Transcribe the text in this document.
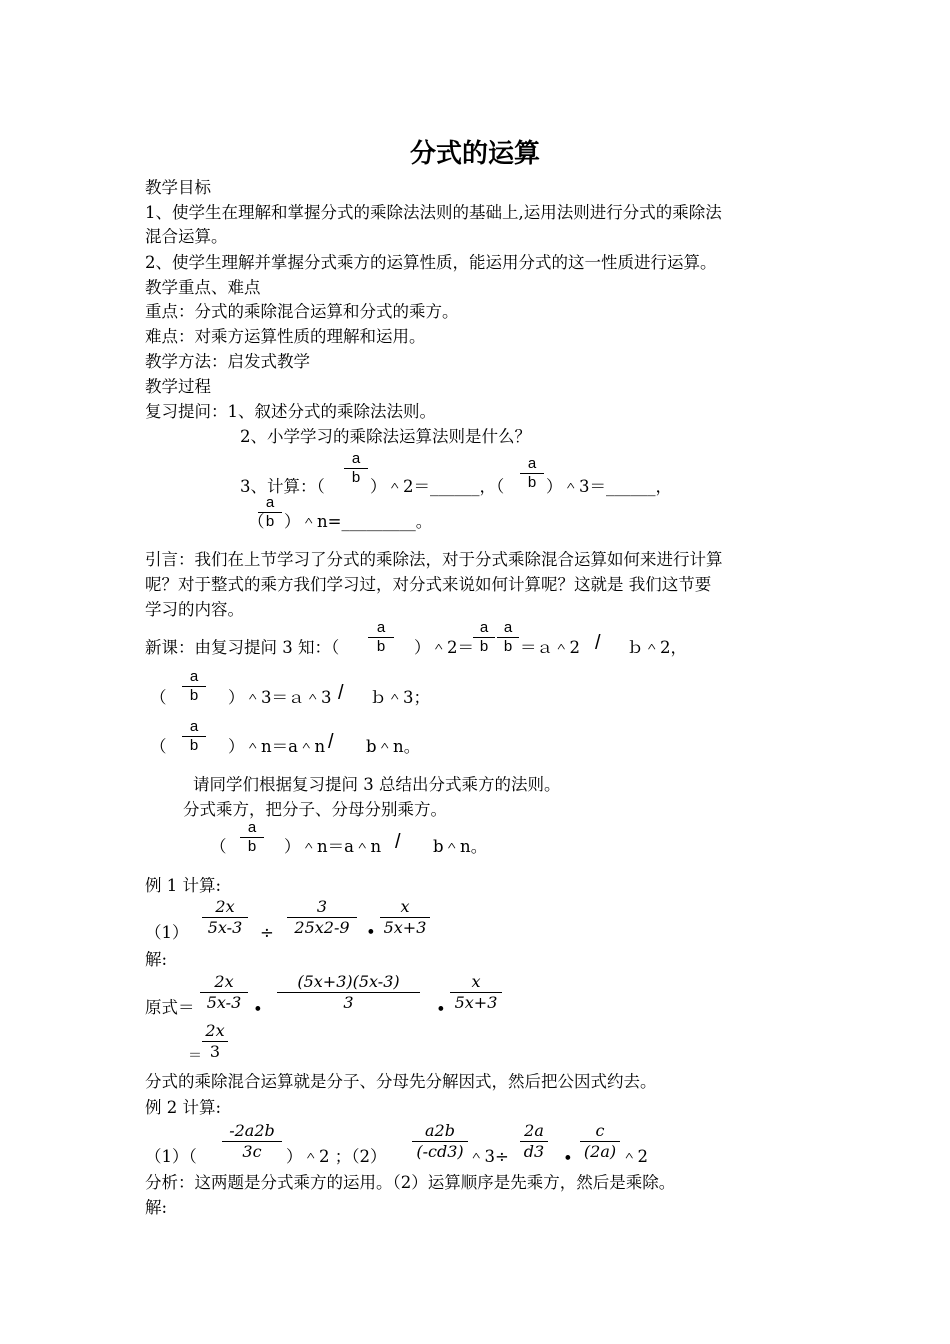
分式的运算
教学目标
1、使学生在理解和掌握分式的乘除法法则的基础上,运用法则进行分式的乘除法
混合运算。
2、使学生理解并掌握分式乘方的运算性质，能运用分式的这一性质进行运算。
教学重点、难点
重点：分式的乘除混合运算和分式的乘方。
难点：对乘方运算性质的理解和运用。
教学方法：启发式教学
教学过程
复习提问：1、叙述分式的乘除法法则。
2、小学学习的乘除法运算法则是什么？
3、计算：（
a
b ）＾2＝______，（
a
b ）＾3＝______，
（
a
b ）＾n=_________。
引言：我们在上节学习了分式的乘除法，对于分式乘除混合运算如何来进行计算
呢？对于整式的乘方我们学习过，对分式来说如何计算呢？这就是 我们这节要
学习的内容。
新课：由复习提问 3 知：（
a
b	）＾2＝
a
b
a
b ＝ａ＾2 / ｂ＾2，
（
a
b	）＾3＝ａ＾3 / ｂ＾3；
（
a
b	）＾n＝a＾n / b＾n。
请同学们根据复习提问 3 总结出分式乘方的法则。
分式乘方，把分子、分母分别乘方。
（
a
b	）＾n＝a＾n / b＾n。
例 1 计算:
（1）
2x
5x-3	÷
3
25x2-9 •
x
5x+3
解:
原式＝
2x
5x-3 •
(5x+3)(5x-3)
3	•
x
5x+3
＝
2x
3
分式的乘除混合运算就是分子、分母先分解因式，然后把公因式约去。
例 2 计算:
（1）（
-2a2b
3c	）＾2 ；（2）
a2b
(-cd3) ＾3÷
2a
d3 •
c
(2a) ＾2
分析：这两题是分式乘方的运用。（2）运算顺序是先乘方，然后是乘除。
解:
